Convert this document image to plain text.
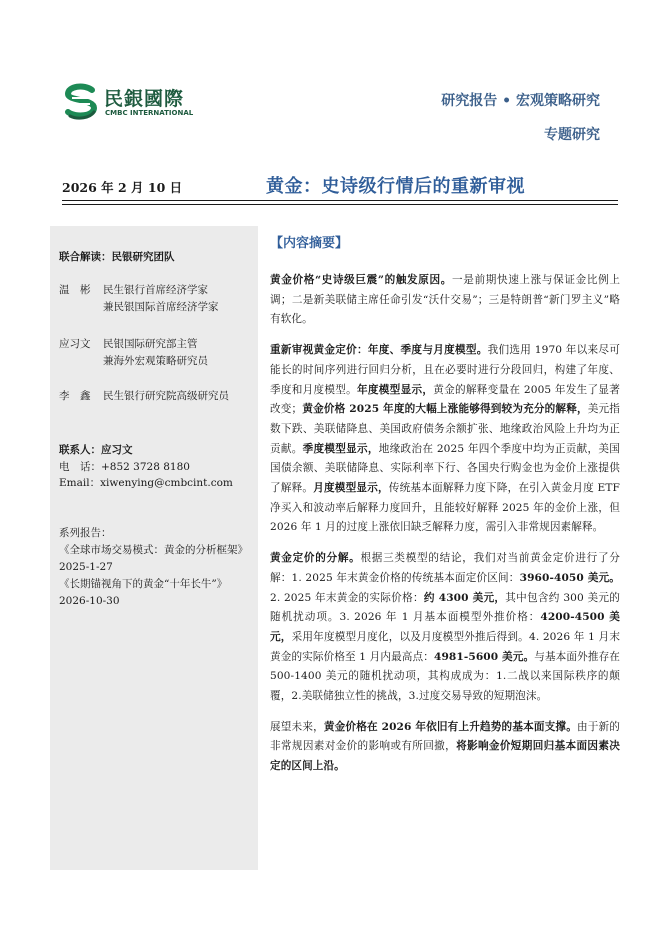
民銀國際
CMBC INTERNATIONAL
研究报告 • 宏观策略研究
专题研究
2026 年 2 月 10 日	黄金：史诗级行情后的重新审视
联合解读：民银研究团队
温　彬	民生银行首席经济学家
兼民银国际首席经济学家
应习文	民银国际研究部主管
兼海外宏观策略研究员
李　鑫	民生银行研究院高级研究员
联系人：应习文
电　话：+852 3728 8180
Email：xiwenying@cmbcint.com
系列报告：
《全球市场交易模式：黄金的分析框架》2025-1-27
《长期锚视角下的黄金“十年长牛”》2026-10-30
【内容摘要】

黄金价格“史诗级巨震”的触发原因。一是前期快速上涨与保证金比例上调；二是新美联储主席任命引发“沃什交易”；三是特朗普“新门罗主义”略有软化。

重新审视黄金定价：年度、季度与月度模型。我们选用 1970 年以来尽可能长的时间序列进行回归分析，且在必要时进行分段回归，构建了年度、季度和月度模型。年度模型显示，黄金的解释变量在 2005 年发生了显著改变；黄金价格 2025 年度的大幅上涨能够得到较为充分的解释，美元指数下跌、美联储降息、美国政府债务余额扩张、地缘政治风险上升均为正贡献。季度模型显示，地缘政治在 2025 年四个季度中均为正贡献，美国国债余额、美联储降息、实际利率下行、各国央行购金也为金价上涨提供了解释。月度模型显示，传统基本面解释力度下降，在引入黄金月度 ETF 净买入和波动率后解释力度回升，且能较好解释 2025 年的金价上涨，但 2026 年 1 月的过度上涨依旧缺乏解释力度，需引入非常规因素解释。

黄金定价的分解。根据三类模型的结论，我们对当前黄金定价进行了分解：1. 2025 年末黄金价格的传统基本面定价区间：3960-4050 美元。2. 2025 年末黄金的实际价格：约 4300 美元，其中包含约 300 美元的随机扰动项。3. 2026 年 1 月基本面模型外推价格：4200-4500 美元，采用年度模型月度化，以及月度模型外推后得到。4. 2026 年 1 月末黄金的实际价格至 1 月内最高点：4981-5600 美元。与基本面外推存在 500-1400 美元的随机扰动项，其构成成为：1.二战以来国际秩序的颠覆，2.美联储独立性的挑战，3.过度交易导致的短期泡沫。

展望未来，黄金价格在 2026 年依旧有上升趋势的基本面支撑。由于新的非常规因素对金价的影响或有所回撤，将影响金价短期回归基本面因素决定的区间上沿。
